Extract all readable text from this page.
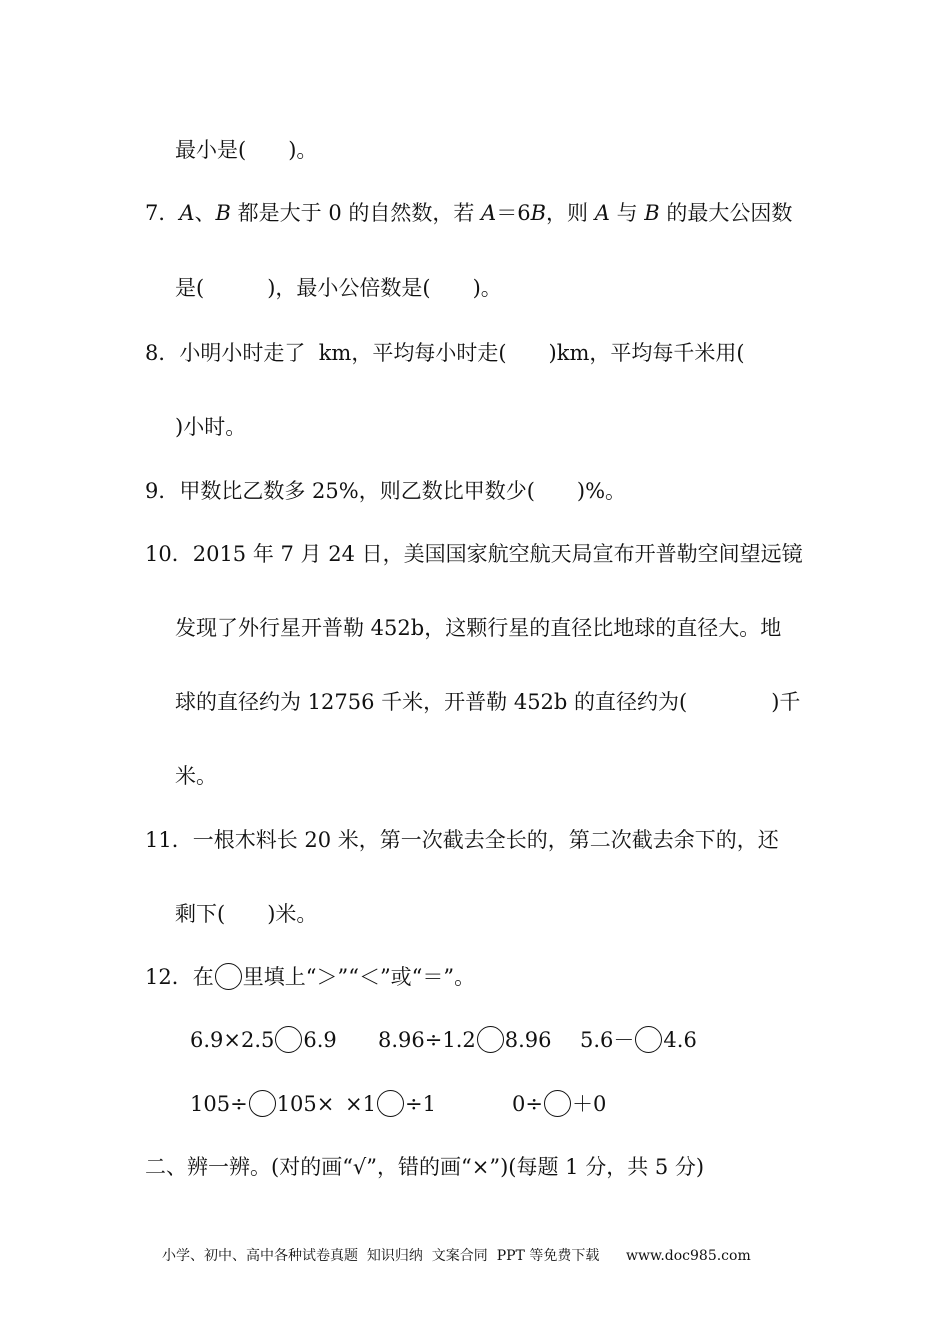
最小是(　　)。
7．A、B 都是大于 0 的自然数，若 A＝6B，则 A 与 B 的最大公因数
是(　　　)，最小公倍数是(　　)。
8．小明小时走了  km，平均每小时走(　　)km，平均每千米用(
)小时。
9．甲数比乙数多 25%，则乙数比甲数少(　　)%。
10．2015 年 7 月 24 日，美国国家航空航天局宣布开普勒空间望远镜
发现了外行星开普勒 452b，这颗行星的直径比地球的直径大。地
球的直径约为 12756 千米，开普勒 452b 的直径约为(　　　　)千
米。
11．一根木料长 20 米，第一次截去全长的，第二次截去余下的，还
剩下(　　)米。
12．在 里填上“＞”“＜”或“＝”。
6.9×2.5 6.9 8.96÷1.2 8.96 5.6－ 4.6
105÷ 105× ×1 ÷1	0÷ ＋0
二、辨一辨。(对的画“√”，错的画“×”)(每题 1 分，共 5 分)
小学、初中、高中各种试卷真题  知识归纳  文案合同  PPT 等免费下载      www.doc985.com
